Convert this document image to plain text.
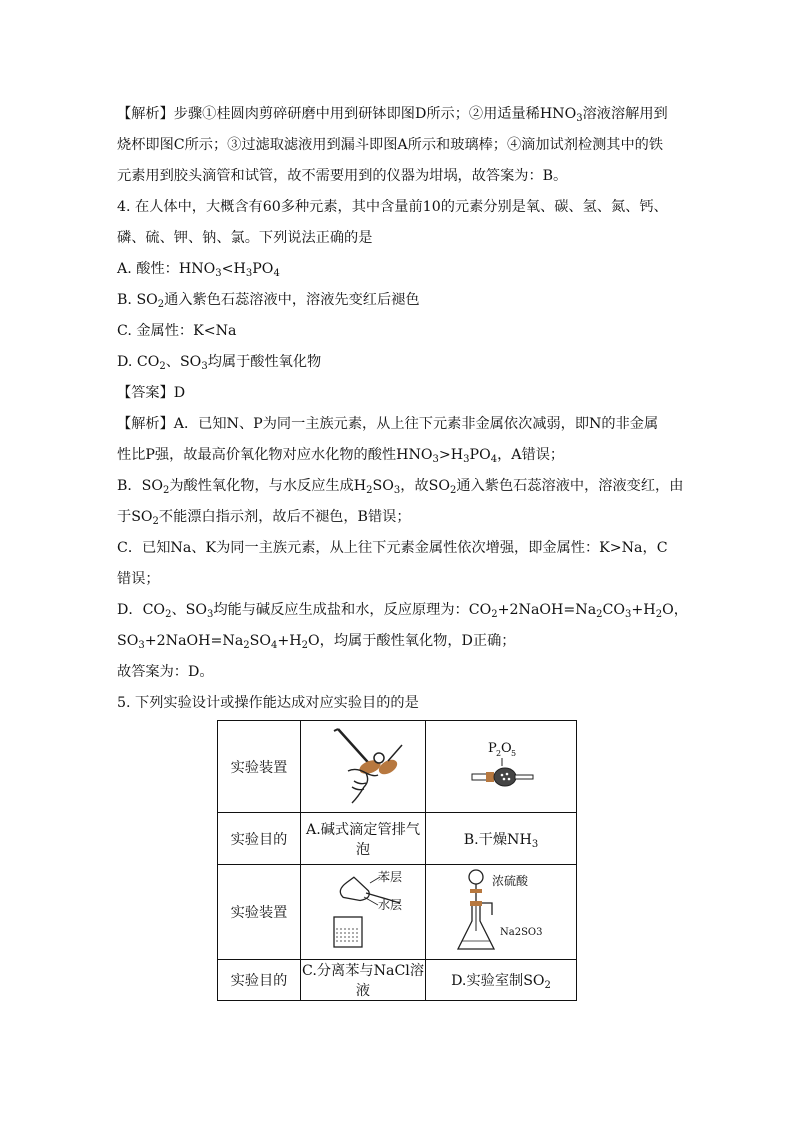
【解析】步骤①桂圆肉剪碎研磨中用到研钵即图D所示；②用适量稀$HNO_3$溶液溶解用到
烧杯即图C所示；③过滤取滤液用到漏斗即图A所示和玻璃棒；④滴加试剂检测其中的铁
元素用到胶头滴管和试管，故不需要用到的仪器为坩埚，故答案为：B。
4. 在人体中，大概含有60多种元素，其中含量前10的元素分别是氧、碳、氢、氮、钙、
磷、硫、钾、钠、氯。下列说法正确的是
A. 酸性：$HNO_3<H_3PO_4$
B. $SO_2$通入紫色石蕊溶液中，溶液先变红后褪色
C. 金属性：K<Na
D. $CO_2$、$SO_3$均属于酸性氧化物
【答案】D
【解析】A．已知N、P为同一主族元素，从上往下元素非金属依次减弱，即N的非金属
性比P强，故最高价氧化物对应水化物的酸性$HNO_3>H_3PO_4$，A错误；
B．$SO_2$为酸性氧化物，与水反应生成$H_2SO_3$，故$SO_2$通入紫色石蕊溶液中，溶液变红，由
于$SO_2$不能漂白指示剂，故后不褪色，B错误；
C．已知Na、K为同一主族元素，从上往下元素金属性依次增强，即金属性：K>Na，C
错误；
D．$CO_2$、$SO_3$均能与碱反应生成盐和水，反应原理为：$CO_2+2NaOH=Na_2CO_3+H_2O$，
$SO_3+2NaOH=Na_2SO_4+H_2O$，均属于酸性氧化物，D正确；
故答案为：D。
5. 下列实验设计或操作能达成对应实验目的的是
实验装置		P 2 O 5

实验目的	A.碱式滴定管排气泡	B.干燥$NH_3$
实验装置	苯层
水层	浓硫酸
Na2SO3

实验目的	C.分离苯与NaCl溶液	D.实验室制$SO_2$
